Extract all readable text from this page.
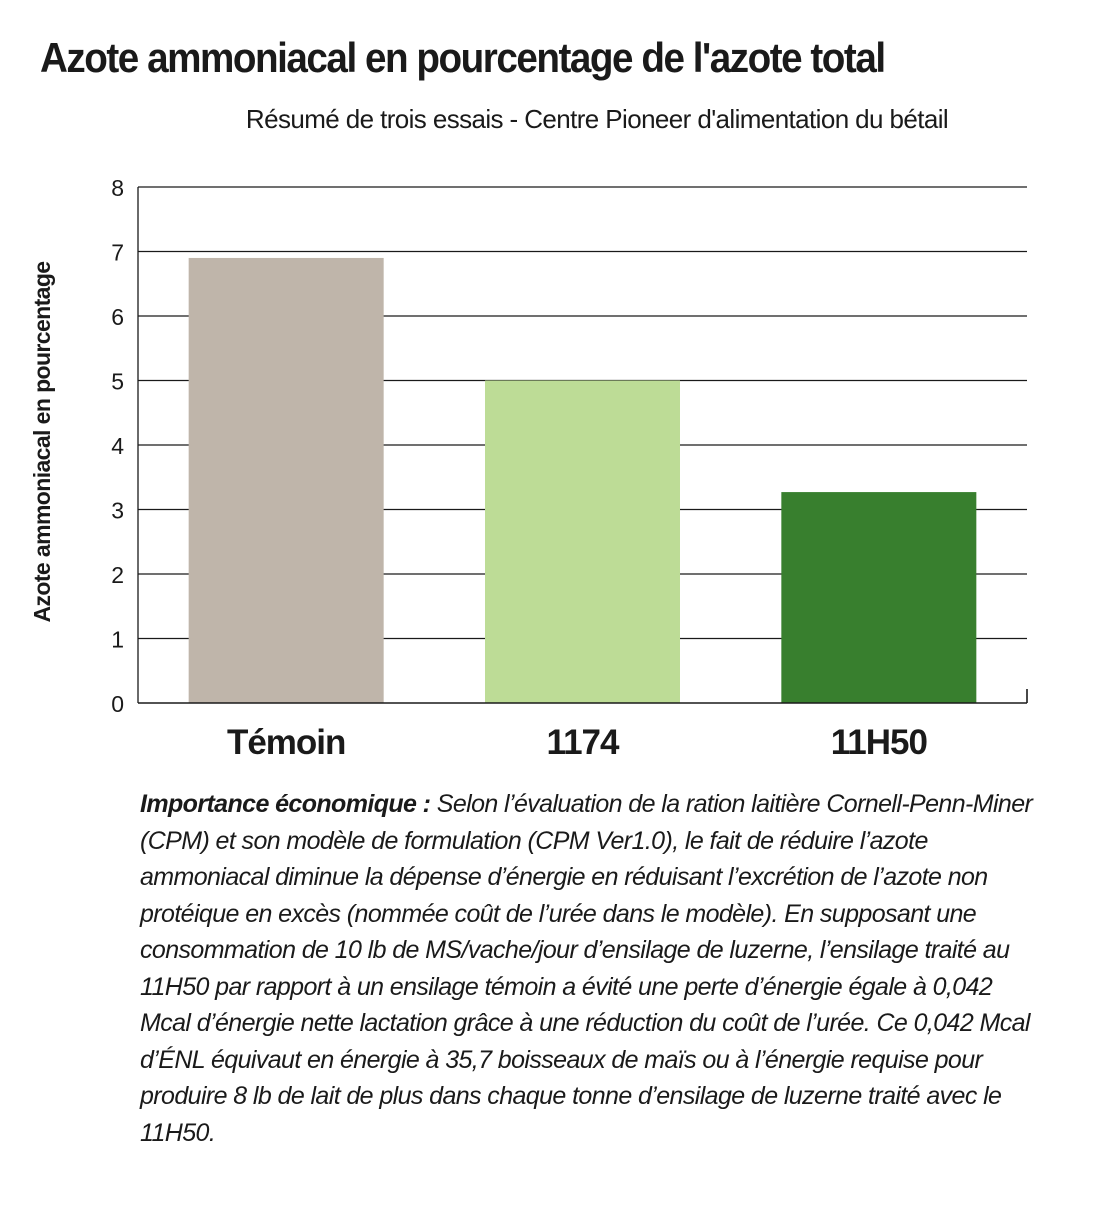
Azote ammoniacal en pourcentage de l'azote total
Résumé de trois essais - Centre Pioneer d'alimentation du bétail
0
1
2
3
4
5
6
7
8
Témoin	1174	11H50
Azote ammoniacal en pourcentage
Importance économique : Selon l’évaluation de la ration laitière Cornell-Penn-Miner (CPM) et son modèle de formulation (CPM Ver1.0), le fait de réduire l’azote ammoniacal diminue la dépense d’énergie en réduisant l’excrétion de l’azote non protéique en excès (nommée coût de l’urée dans le modèle). En supposant une consommation de 10 lb de MS/vache/jour d’ensilage de luzerne, l’ensilage traité au 11H50 par rapport à un ensilage témoin a évité une perte d’énergie égale à 0,042 Mcal d’énergie nette lactation grâce à une réduction du coût de l’urée. Ce 0,042 Mcal d’ÉNL équivaut en énergie à 35,7 boisseaux de maïs ou à l’énergie requise pour produire 8 lb de lait de plus dans chaque tonne d’ensilage de luzerne traité avec le 11H50.
